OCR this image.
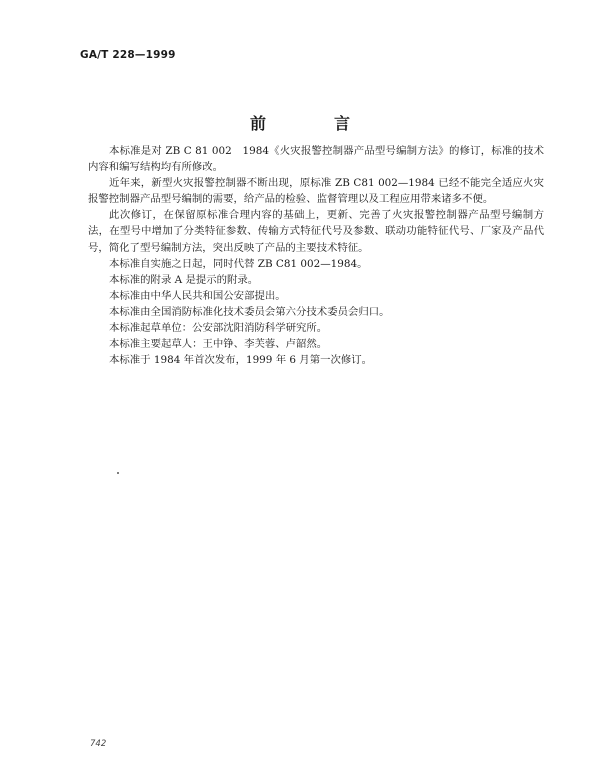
GA/T 228—1999
前　言

本标准是对 ZB C 81 002　1984《火灾报警控制器产品型号编制方法》的修订，标准的技术内容和编写结构均有所修改。

近年来，新型火灾报警控制器不断出现，原标准 ZB C81 002—1984 已经不能完全适应火灾报警控制器产品型号编制的需要，给产品的检验、监督管理以及工程应用带来诸多不便。

此次修订，在保留原标准合理内容的基础上，更新、完善了火灾报警控制器产品型号编制方法，在型号中增加了分类特征参数、传输方式特征代号及参数、联动功能特征代号、厂家及产品代号，简化了型号编制方法，突出反映了产品的主要技术特征。

本标准自实施之日起，同时代替 ZB C81 002—1984。

本标准的附录 A 是提示的附录。

本标准由中华人民共和国公安部提出。

本标准由全国消防标准化技术委员会第六分技术委员会归口。

本标准起草单位：公安部沈阳消防科学研究所。

本标准主要起草人：王中铮、李芙蓉、卢韶然。

本标准于 1984 年首次发布，1999 年 6 月第一次修订。

742
